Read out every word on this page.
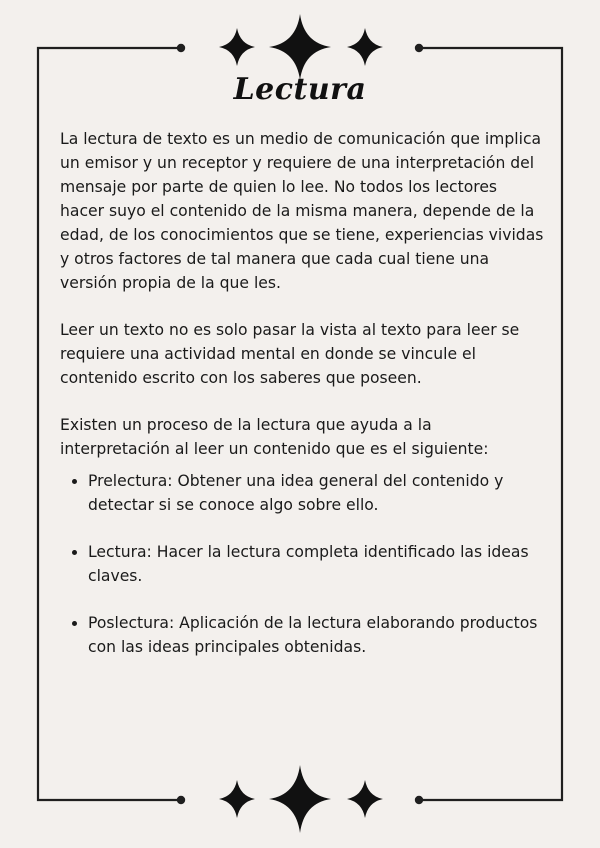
Lectura

La lectura de texto es un medio de comunicación que implica un emisor y un receptor y requiere de una interpretación del mensaje por parte de quien lo lee. No todos los lectores hacer suyo el contenido de la misma manera, depende de la edad, de los conocimientos que se tiene, experiencias vividas y otros factores de tal manera que cada cual tiene una versión propia de la que les.

Leer un texto no es solo pasar la vista al texto para leer se requiere una actividad mental en donde se vincule el contenido escrito con los saberes que poseen.

Existen un proceso de la lectura que ayuda a la interpretación al leer un contenido que es el siguiente:

• Prelectura: Obtener una idea general del contenido y detectar si se conoce algo sobre ello.
• Lectura: Hacer la lectura completa identificado las ideas claves.
• Poslectura: Aplicación de la lectura elaborando productos con las ideas principales obtenidas.
